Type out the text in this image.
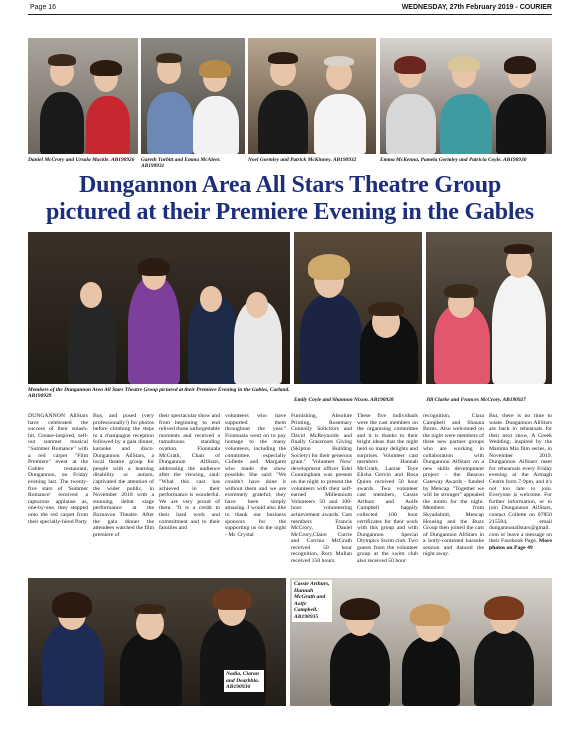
Page 16	WEDNESDAY, 27th February 2019 - COURIER
Daniel McCrory and Ursula Mackle. AB190926	Gareth Turbitt and Emma McAleer. AB190931
Noel Gormley and Patrick McKinney. AB190932	Emma McKenna, Pamela Gormley and Patricia Coyle. AB190930
Dungannon Area All Stars Theatre Group
pictured at their Premiere Evening in the Gables
Members of the Dungannon Area All Stars Theatre Group pictured at their Premiere Evening in the Gables, Carland. AB190929
Emily Coyle and Shannon Nixon. AB190928	Jill Clarke and Frances McCrory. AB190927
DUNGANNON AllStars have celebrated the success of their smash-hit, Grease-inspired, sell-out summer musical "Summer Romance" with a red carpet "Film Premiere" event at the Gables restaurant, Dungannon, on Friday evening last. The twenty-five stars of 'Summer Romance' received a rapturous applause as, one-by-one, they stepped onto the red carpet from their specially-hired Party
Bus, and posed (very professionally!) for photos before climbing the steps to a champagne reception followed by a gala dinner, karaoke and disco. Dungannon AllStars, a local theatre group for people with a learning disability or autism, captivated the attention of the wider public, in November 2018 with a stunning debut stage performance at the Burnavon Theatre. After the gala dinner the attendees watched the film premiere of
their spectacular show and from beginning to end relived those unforgettable moments and received a tumultuous standing ovation. Fionnuala McGrath, Chair of Dungannon AllStars, addressing the audience after the viewing, said: "What this cast has achieved in their performance is wonderful. We are very proud of them. "It is a credit to their hard work and commitment and to their families and
volunteers who have supported them throughout the year." Fionnuala went on to pay homage to the many volunteers, including the committee, especially Collette and Margaret who made the show possible. She said: "We couldn't have done it without them and we are extremely grateful; they have been simply amazing. I would also like to thank our business sponsors for the supporting us on the night - Mc Crystal
Furnishing, Absolute Printing, Rosemary Connolly Solicitors and David McReynolds and finally Grassroots Giving (Skipton Building Society) for their generous grant." 'Volunteer Now' development officer Edel Cunningham was present on the night to present the volunteers with their self-earned Millennium Volunteers 50 and 100-hour volunteering achievement awards. Cast members Francis McCrory, Daniel McCrory,Claire Currie and Corrina McGrath received 50 hour recognition, Rory Mullan received 150 hours.
These five individuals were the cast members on the organising committee and it is thanks to their bright ideas that the night held so many delights and surprises. Volunteer cast members Hannah McGrath, Laoise Toye Elisha Gervin and Rosa Quinn received 50 hour awards. Two volunteer cast members, Cassie Arthurs and Aoife Campbell happily collected 100 hour certificates for their work with this group and with Dungannon Special Olympics Swim club. Two guests from the volunteer group at the swim club also received 50 hour
recognition, Ciara Campbell and Shauna Burns. Also welcomed on the night were members of three new partner groups who are working in collaboration with Dungannon AllStars on a new skills development project - the Beacon Gateway Awards - funded by Mencap. "Together we will be stronger" appealed the motto for the night. Members from Skyadalmit, Mencap Housing and the Buzz Group then joined the cast of Dungannon AllStars in a hotly-contested karaoke session and danced the night away.
But, there is no time to waste. Dungannon AllStars are back in rehearsals for their next show, A Greek Wedding; inspired by the Mamma Mia film series, in November 2019. Dungannon AllStars meet for rehearsals every Friday evening at the Armagh Centre from 7-9pm, and it's not too late to join. Everyone is welcome. For further information, or to join Dungannon AllStars, contact Collette on 07850 215584, email dungannonallstars@gmail.com or leave a message on their Facebook Page. More photos on Page 49
Nadia, Ciaran and Dearbhla. AB190936
Cassie Arthurs, Hannah McGrath and Aoife Campbell. AB190935
